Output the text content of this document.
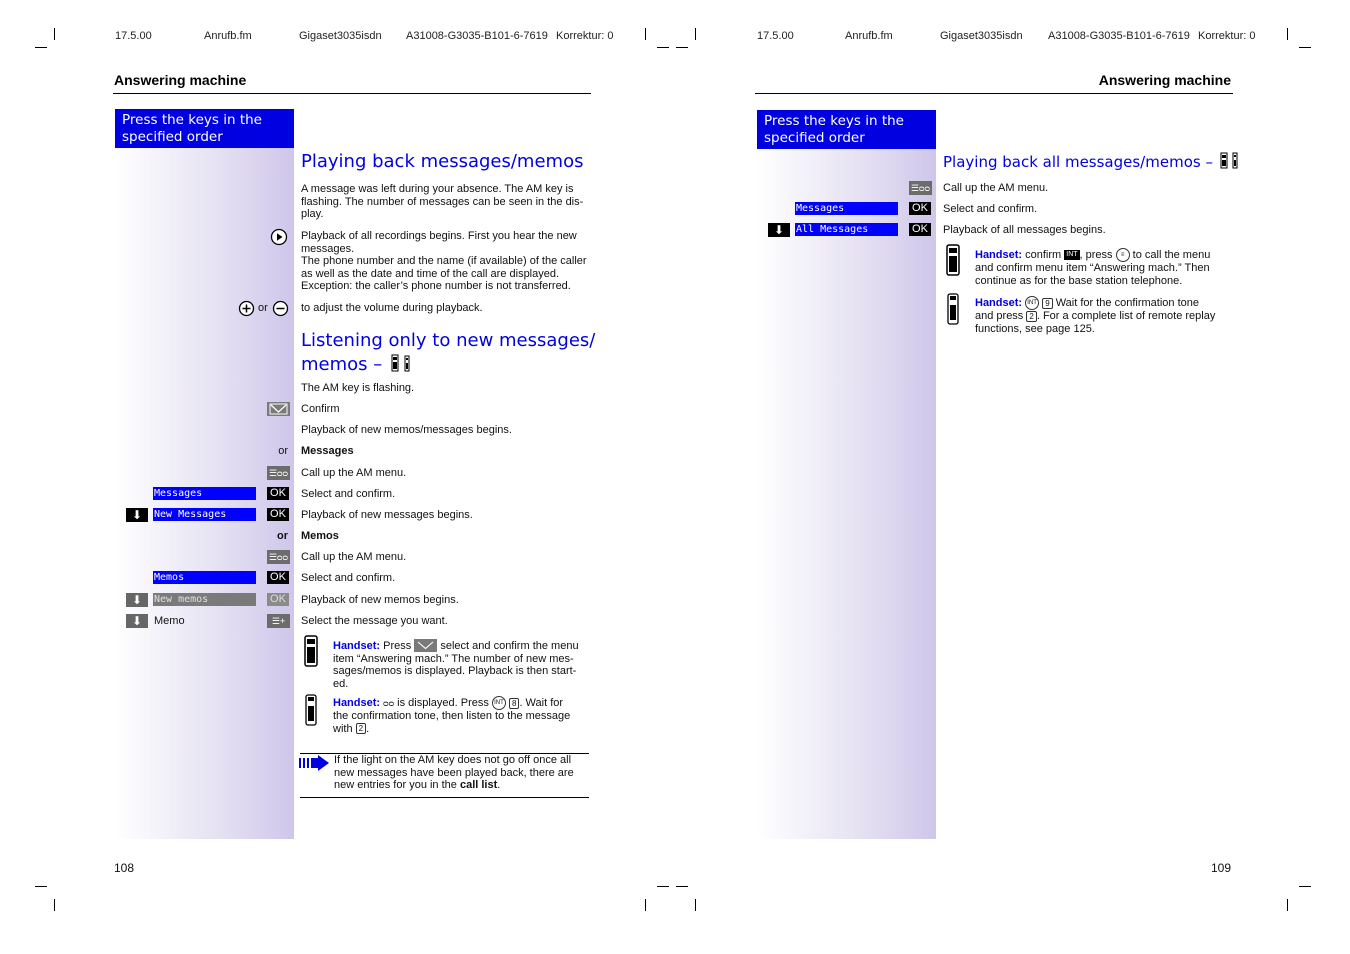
17.5.00	Anrufb.fm	Gigaset3035isdn A31008-G3035-B101-6-7619 Korrektur: 0
Answering machine
Press the keys in the
specified order
Playing back messages/memos
A message was left during your absence. The AM key is
flashing. The number of messages can be seen in the dis-
play.
Playback of all recordings begins. First you hear the new
messages.
The phone number and the name (if available) of the caller
as well as the date and time of the call are displayed.
Exception: the caller’s phone number is not transferred.
or	to adjust the volume during playback.
Listening only to new messages/
memos –
The AM key is flashing.
Confirm
Playback of new memos/messages begins.
or Messages
☰ᴑᴑ Call up the AM menu.
Messages	OK Select and confirm.
⬇	New Messages	OK Playback of new messages begins.
or Memos
☰ᴑᴑ Call up the AM menu.
Memos	OK Select and confirm.
⬇	New memos	OK Playback of new memos begins.
⬇	Memo	☰+	Select the message you want.
Handset: Press	select and confirm the menu
item “Answering mach.” The number of new mes-
sages/memos is displayed. Playback is then start-
ed.
Handset: ᴑᴑ is displayed. Press INT 8 . Wait for
the confirmation tone, then listen to the message
with 2 .
If the light on the AM key does not go off once all
new messages have been played back, there are
new entries for you in the call list.
108
17.5.00	Anrufb.fm	Gigaset3035isdn A31008-G3035-B101-6-7619 Korrektur: 0
Answering machine
Press the keys in the
specified order
Playing back all messages/memos –
☰ᴑᴑ Call up the AM menu.
Messages	OK Select and confirm.
⬇	All Messages	OK Playback of all messages begins.
Handset: confirm INT , press ≡ to call the menu
and confirm menu item “Answering mach.” Then
continue as for the base station telephone.
Handset: INT 9 Wait for the confirmation tone
and press 2 . For a complete list of remote replay
functions, see page 125.
109
